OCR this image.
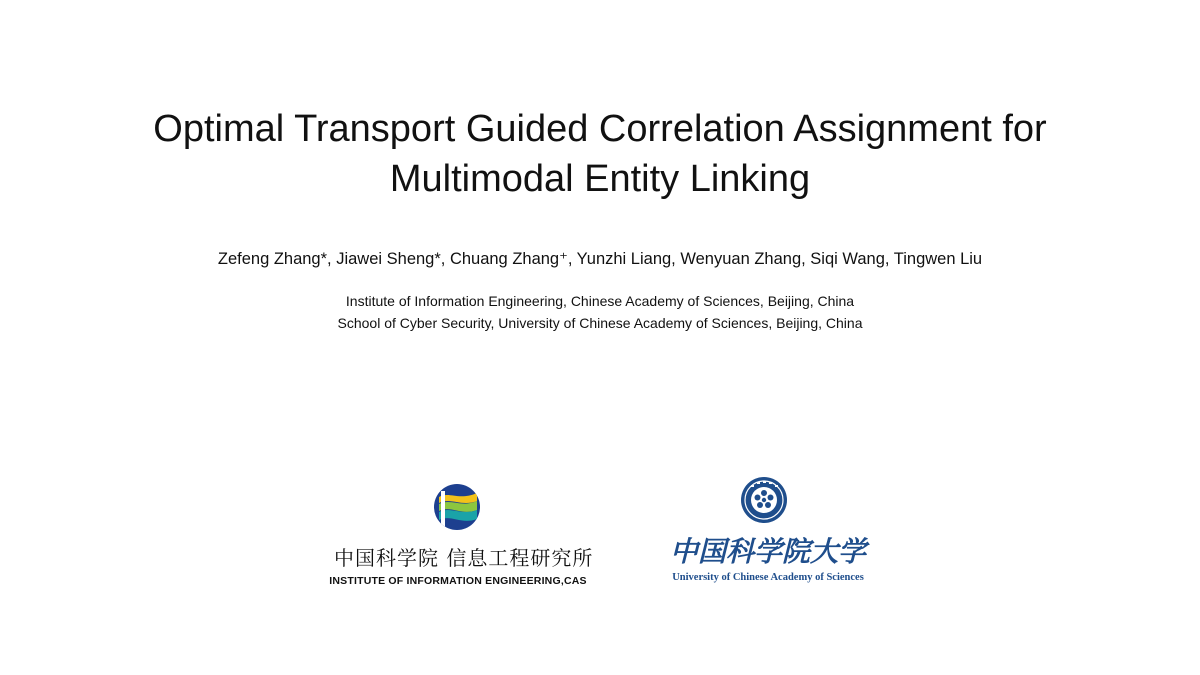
Optimal Transport Guided Correlation Assignment for
Multimodal Entity Linking
Zefeng Zhang*, Jiawei Sheng*, Chuang Zhang⁺, Yunzhi Liang, Wenyuan Zhang, Siqi Wang, Tingwen Liu
Institute of Information Engineering, Chinese Academy of Sciences, Beijing, China
School of Cyber Security, University of Chinese Academy of Sciences, Beijing, China
中国科学院 信息工程研究所
INSTITUTE OF INFORMATION ENGINEERING,CAS
中国科学院大学
University of Chinese Academy of Sciences
